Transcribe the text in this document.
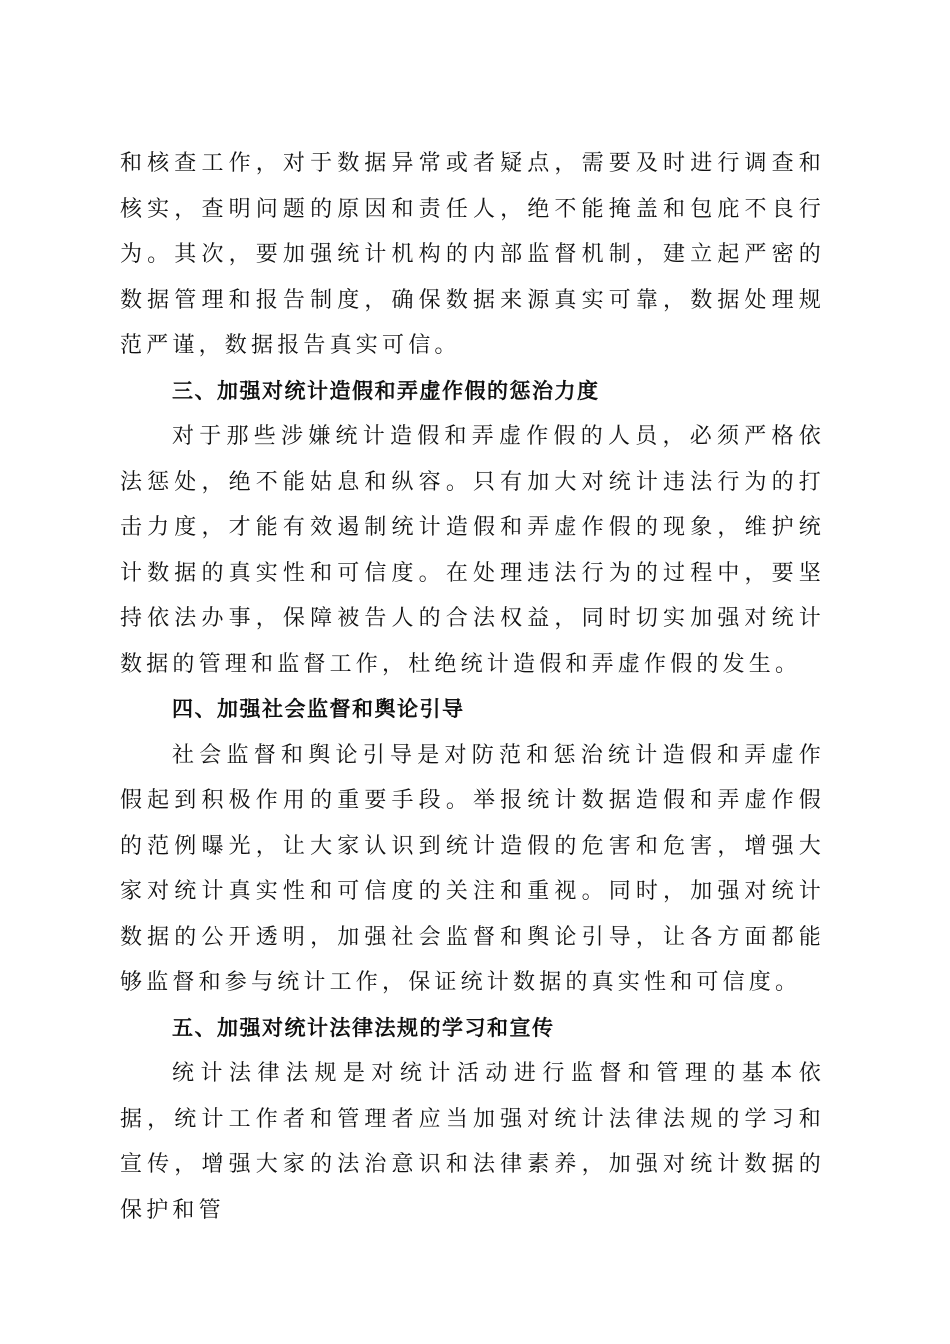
和核查工作，对于数据异常或者疑点，需要及时进行调查和核实，查明问题的原因和责任人，绝不能掩盖和包庇不良行为。其次，要加强统计机构的内部监督机制，建立起严密的数据管理和报告制度，确保数据来源真实可靠，数据处理规范严谨，数据报告真实可信。

三、加强对统计造假和弄虚作假的惩治力度

对于那些涉嫌统计造假和弄虚作假的人员，必须严格依法惩处，绝不能姑息和纵容。只有加大对统计违法行为的打击力度，才能有效遏制统计造假和弄虚作假的现象，维护统计数据的真实性和可信度。在处理违法行为的过程中，要坚持依法办事，保障被告人的合法权益，同时切实加强对统计数据的管理和监督工作，杜绝统计造假和弄虚作假的发生。

四、加强社会监督和舆论引导

社会监督和舆论引导是对防范和惩治统计造假和弄虚作假起到积极作用的重要手段。举报统计数据造假和弄虚作假的范例曝光，让大家认识到统计造假的危害和危害，增强大家对统计真实性和可信度的关注和重视。同时，加强对统计数据的公开透明，加强社会监督和舆论引导，让各方面都能够监督和参与统计工作，保证统计数据的真实性和可信度。

五、加强对统计法律法规的学习和宣传

统计法律法规是对统计活动进行监督和管理的基本依据，统计工作者和管理者应当加强对统计法律法规的学习和宣传，增强大家的法治意识和法律素养，加强对统计数据的保护和管
